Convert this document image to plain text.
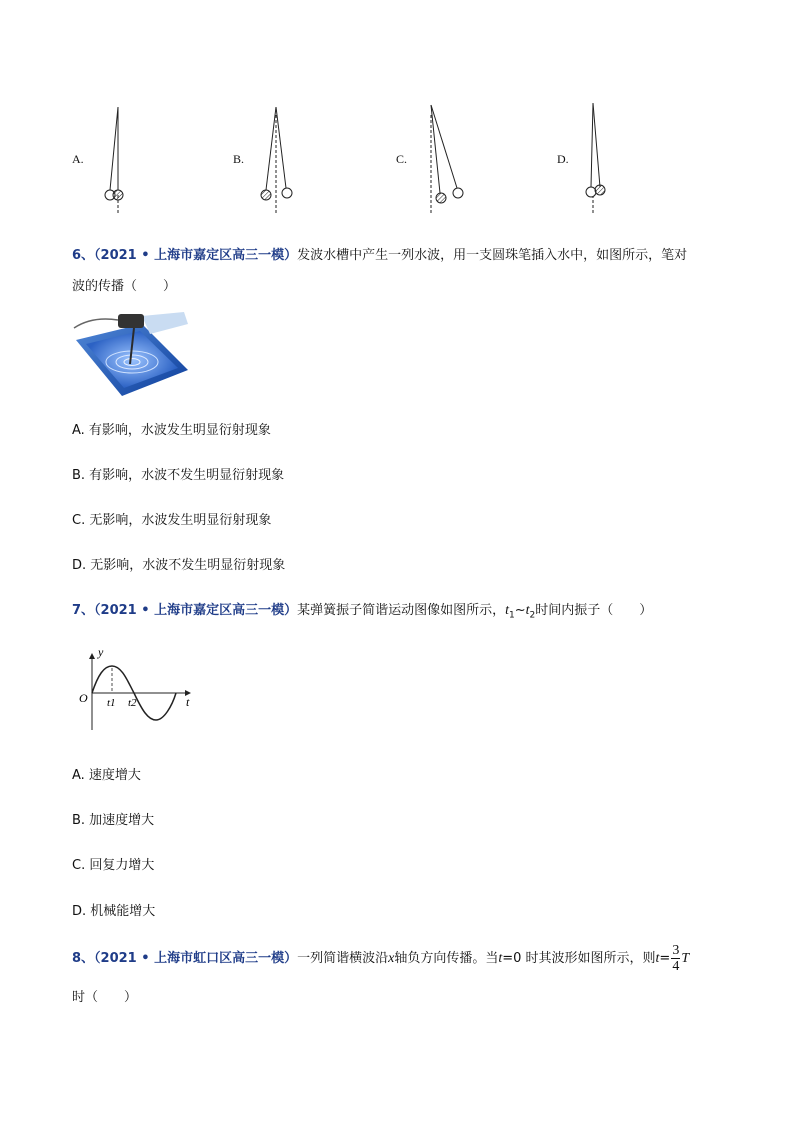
A.	B.	C.	D.
6、（2021 • 上海市嘉定区高三一模）发波水槽中产生一列水波，用一支圆珠笔插入水中，如图所示，笔对
波的传播（　　）
A. 有影响，水波发生明显衍射现象
B. 有影响，水波不发生明显衍射现象
C. 无影响，水波发生明显衍射现象
D. 无影响，水波不发生明显衍射现象
7、（2021 • 上海市嘉定区高三一模）某弹簧振子简谐运动图像如图所示，$t_1\sim t_2$时间内振子（　　）
y
O	t
t1 t2
A. 速度增大
B. 加速度增大
C. 回复力增大
D. 机械能增大
8、（2021 • 上海市虹口区高三一模）一列简谐横波沿x轴负方向传播。当t=0 时其波形如图所示，则$t= \frac{3}{4}$ T
时（　　）
